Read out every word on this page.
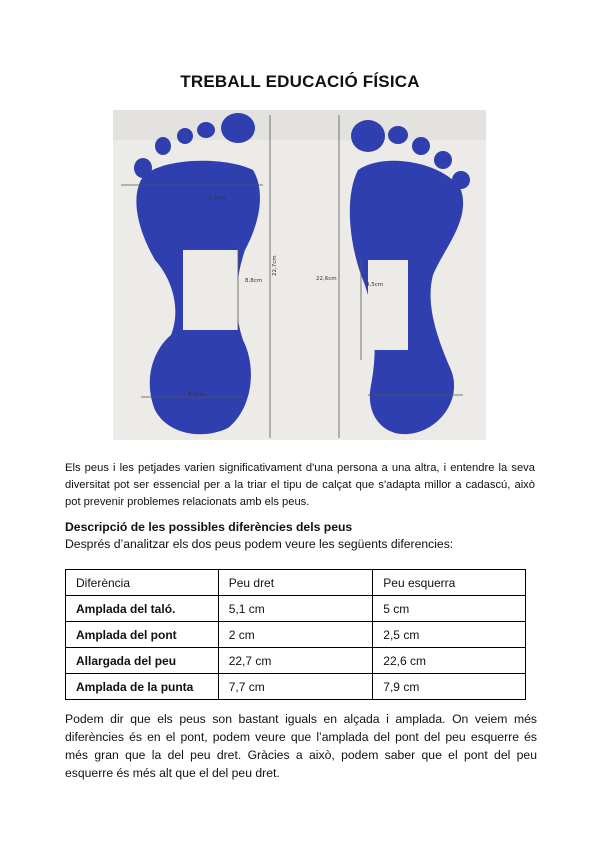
TREBALL EDUCACIÓ FÍSICA
22,7cm
22,6cm
8,8cm
9,5cm
7,7cm
5,1cm
Els peus i les petjades varien significativament d'una persona a una altra, i entendre la seva diversitat pot ser essencial per a la triar el tipu de calçat que s'adapta millor a cadascú, això pot prevenir problemes relacionats amb els peus.
Descripció de les possibles diferències dels peus
Després d’analitzar els dos peus podem veure les següents diferencies:
Diferència	Peu dret	Peu esquerra
Amplada del taló.	5,1 cm	5 cm
Amplada del pont	2 cm	2,5 cm
Allargada del peu	22,7 cm	22,6 cm
Amplada de la punta	7,7 cm	7,9 cm
Podem dir que els peus son bastant iguals en alçada i amplada. On veiem més diferències és en el pont, podem veure que l’amplada del pont del peu esquerre és més gran que la del peu dret. Gràcies a això, podem saber que el pont del peu esquerre és més alt que el del peu dret.
